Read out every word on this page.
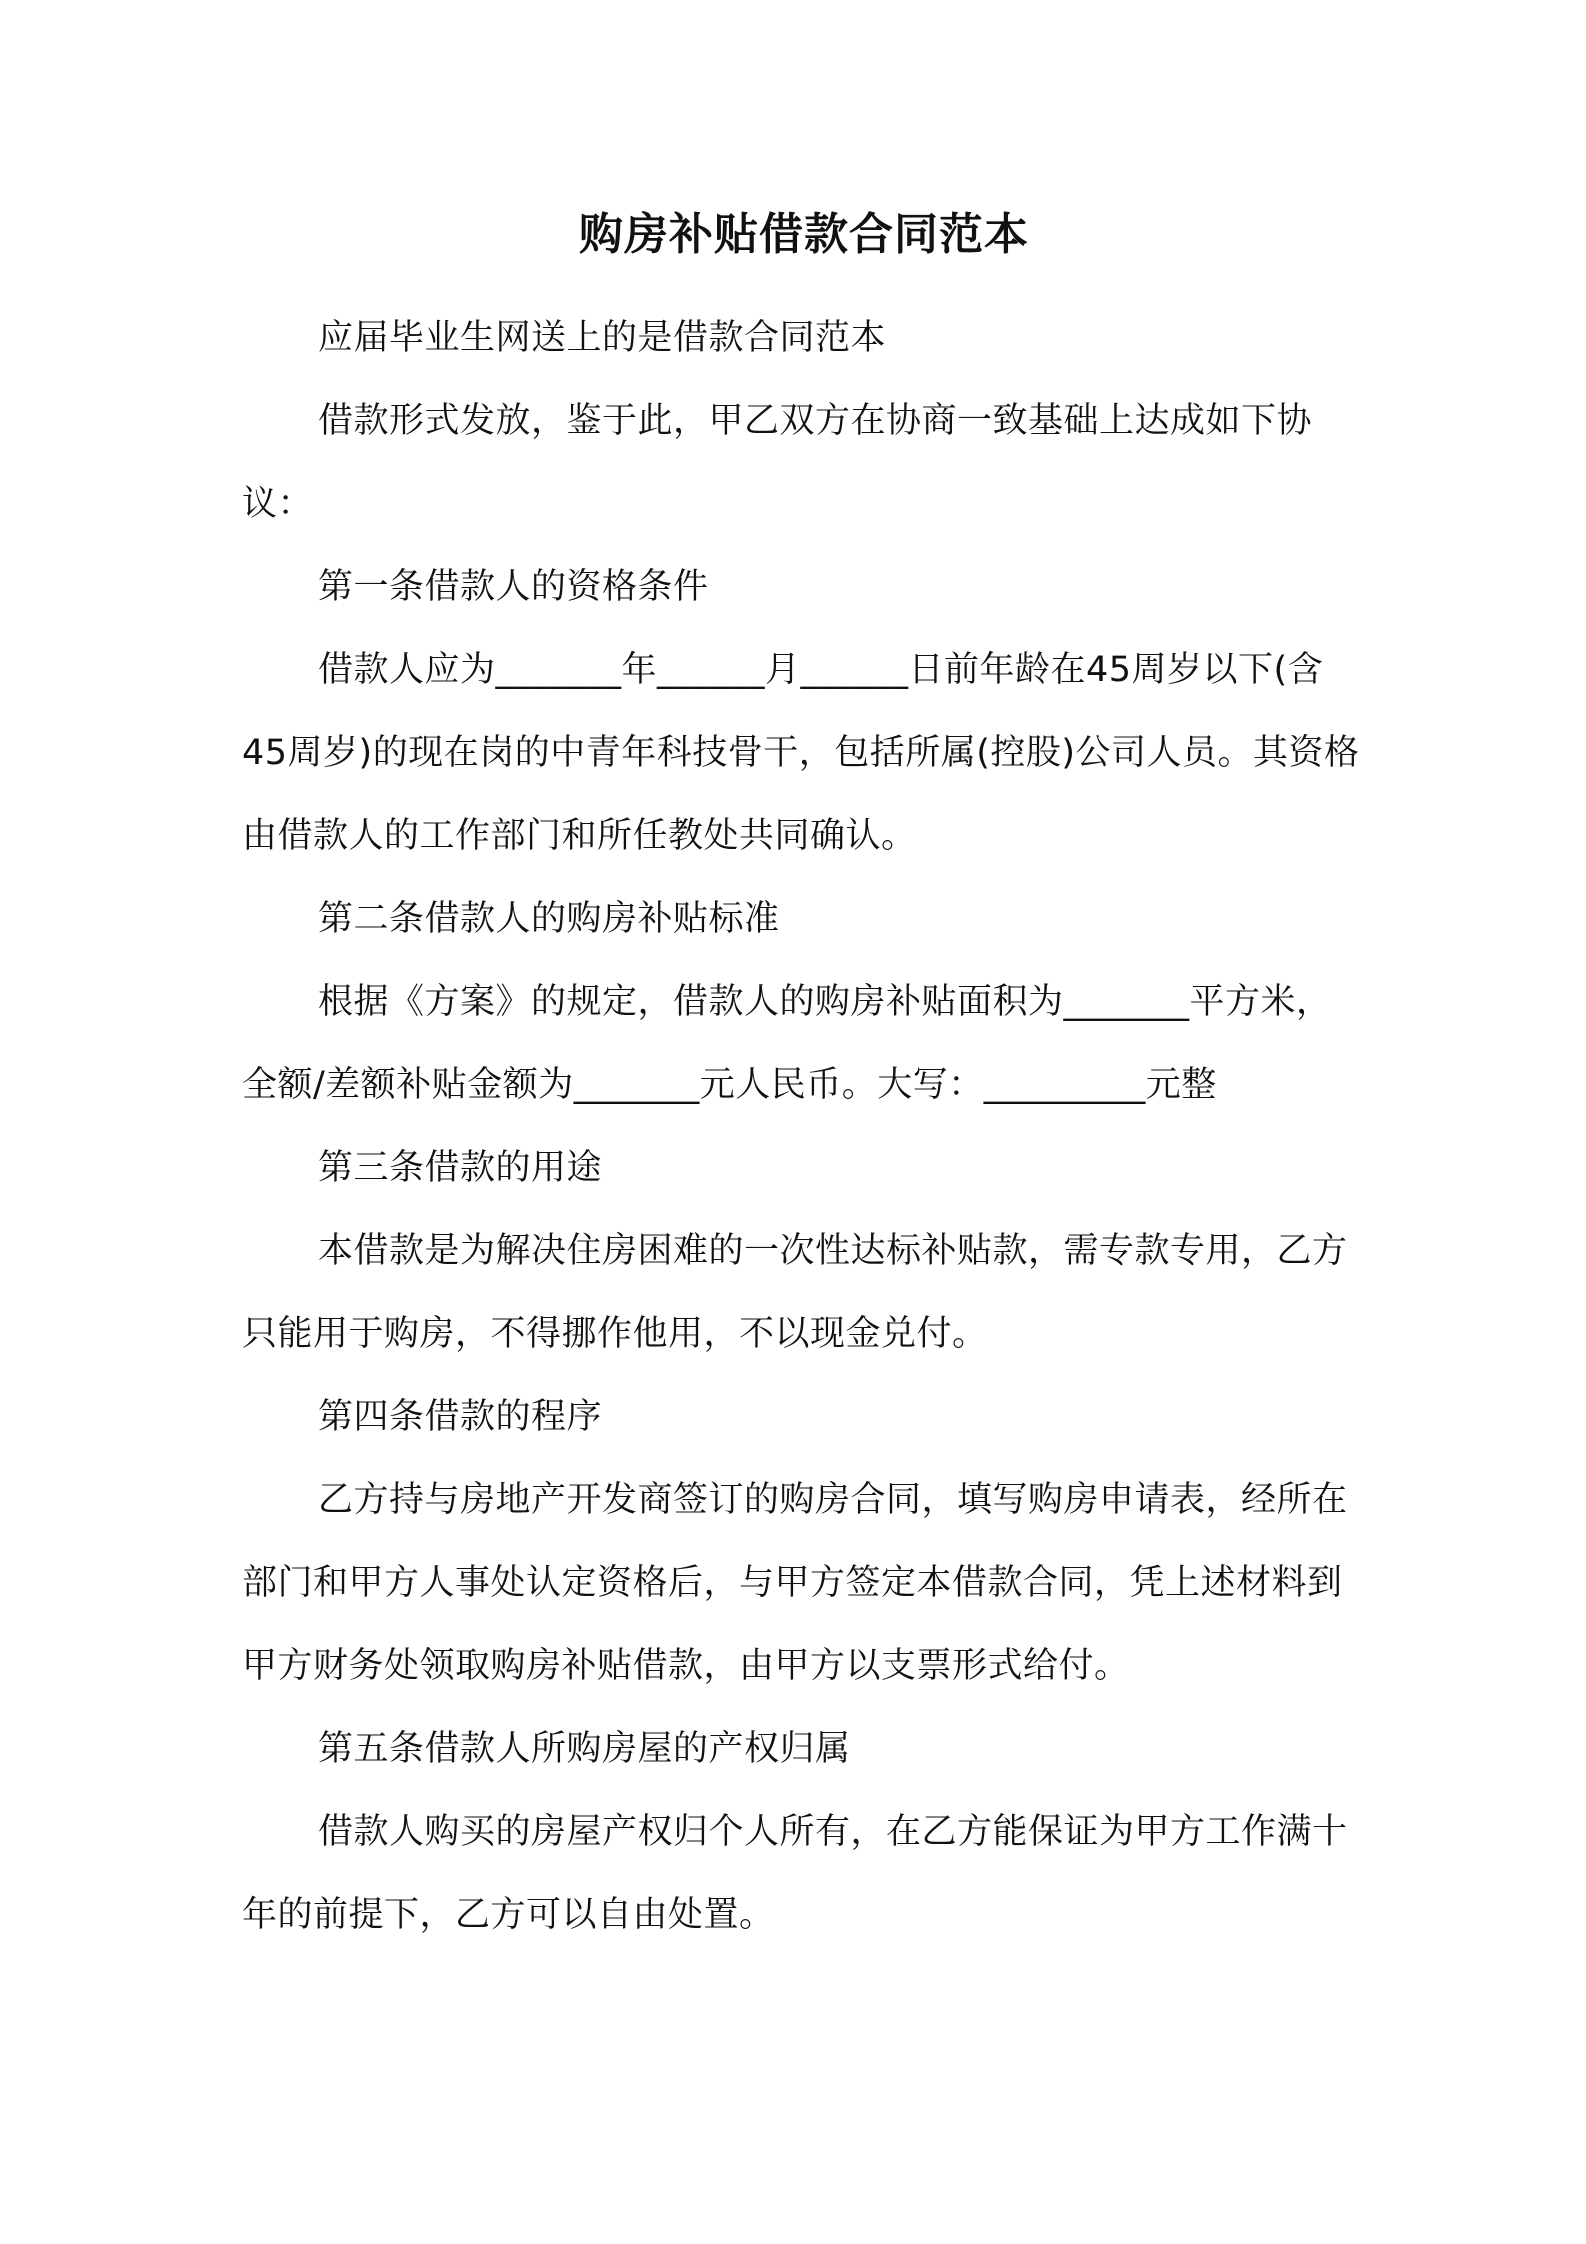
购房补贴借款合同范本

应届毕业生网送上的是借款合同范本

借款形式发放，鉴于此，甲乙双方在协商一致基础上达成如下协议：

第一条借款人的资格条件

借款人应为_______年______月______日前年龄在45周岁以下(含45周岁)的现在岗的中青年科技骨干，包括所属(控股)公司人员。其资格由借款人的工作部门和所任教处共同确认。

第二条借款人的购房补贴标准

根据《方案》的规定，借款人的购房补贴面积为_______平方米，全额/差额补贴金额为_______元人民币。大写：_________元整

第三条借款的用途

本借款是为解决住房困难的一次性达标补贴款，需专款专用，乙方只能用于购房，不得挪作他用，不以现金兑付。

第四条借款的程序

乙方持与房地产开发商签订的购房合同，填写购房申请表，经所在部门和甲方人事处认定资格后，与甲方签定本借款合同，凭上述材料到甲方财务处领取购房补贴借款，由甲方以支票形式给付。

第五条借款人所购房屋的产权归属

借款人购买的房屋产权归个人所有，在乙方能保证为甲方工作满十年的前提下，乙方可以自由处置。
